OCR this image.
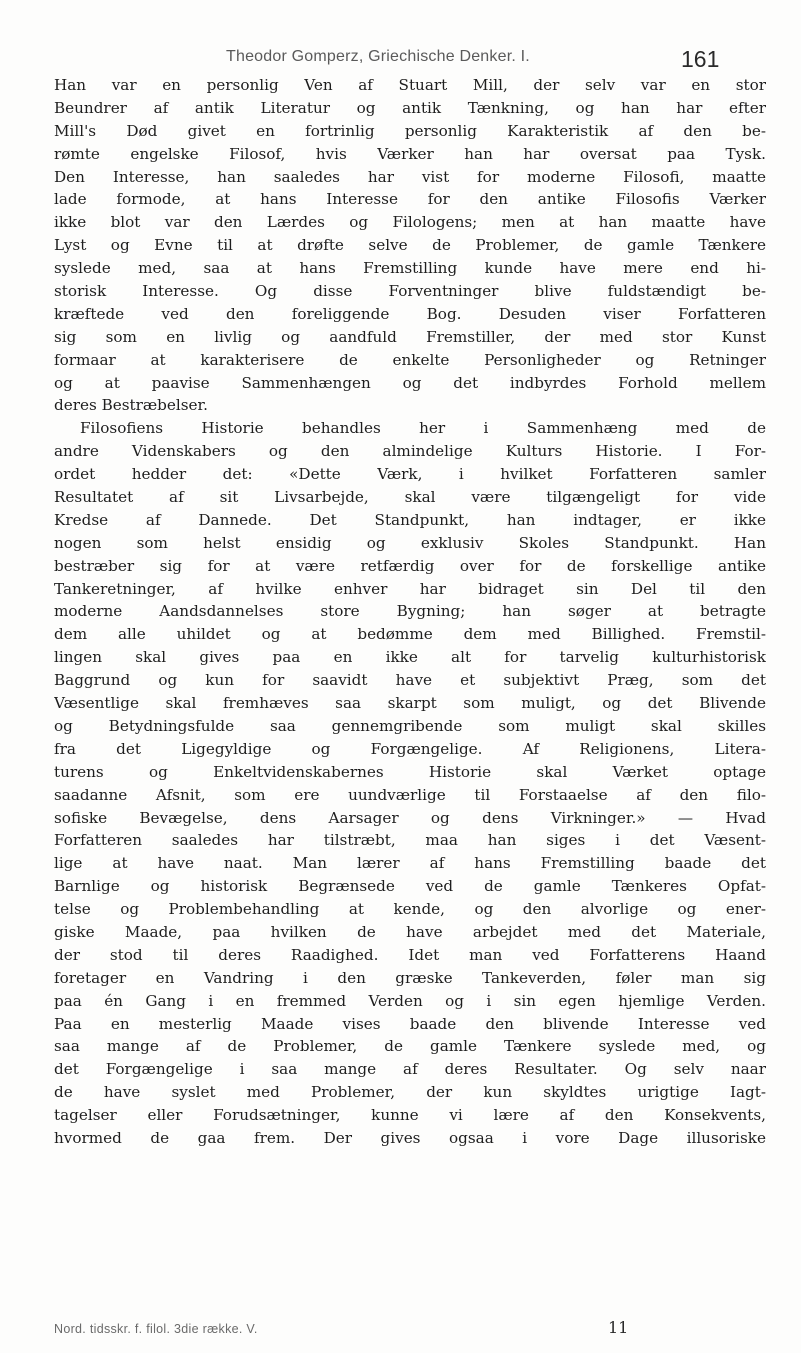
Theodor Gomperz, Griechische Denker. I.	161
Han var en personlig Ven af Stuart Mill, der selv var en stor
Beundrer af antik Literatur og antik Tænkning, og han har efter
Mill's Død givet en fortrinlig personlig Karakteristik af den be-
rømte engelske Filosof, hvis Værker han har oversat paa Tysk.
Den Interesse, han saaledes har vist for moderne Filosofi, maatte
lade formode, at hans Interesse for den antike Filosofis Værker
ikke blot var den Lærdes og Filologens; men at han maatte have
Lyst og Evne til at drøfte selve de Problemer, de gamle Tænkere
syslede med, saa at hans Fremstilling kunde have mere end hi-
storisk Interesse. Og disse Forventninger blive fuldstændigt be-
kræftede ved den foreliggende Bog. Desuden viser Forfatteren
sig som en livlig og aandfuld Fremstiller, der med stor Kunst
formaar at karakterisere de enkelte Personligheder og Retninger
og at paavise Sammenhængen og det indbyrdes Forhold mellem
deres Bestræbelser.
Filosofiens Historie behandles her i Sammenhæng med de
andre Videnskabers og den almindelige Kulturs Historie. I For-
ordet hedder det: «Dette Værk, i hvilket Forfatteren samler
Resultatet af sit Livsarbejde, skal være tilgængeligt for vide
Kredse af Dannede. Det Standpunkt, han indtager, er ikke
nogen som helst ensidig og exklusiv Skoles Standpunkt. Han
bestræber sig for at være retfærdig over for de forskellige antike
Tankeretninger, af hvilke enhver har bidraget sin Del til den
moderne Aandsdannelses store Bygning; han søger at betragte
dem alle uhildet og at bedømme dem med Billighed. Fremstil-
lingen skal gives paa en ikke alt for tarvelig kulturhistorisk
Baggrund og kun for saavidt have et subjektivt Præg, som det
Væsentlige skal fremhæves saa skarpt som muligt, og det Blivende
og Betydningsfulde saa gennemgribende som muligt skal skilles
fra det Ligegyldige og Forgængelige. Af Religionens, Litera-
turens og Enkeltvidenskabernes Historie skal Værket optage
saadanne Afsnit, som ere uundværlige til Forstaaelse af den filo-
sofiske Bevægelse, dens Aarsager og dens Virkninger.» — Hvad
Forfatteren saaledes har tilstræbt, maa han siges i det Væsent-
lige at have naat. Man lærer af hans Fremstilling baade det
Barnlige og historisk Begrænsede ved de gamle Tænkeres Opfat-
telse og Problembehandling at kende, og den alvorlige og ener-
giske Maade, paa hvilken de have arbejdet med det Materiale,
der stod til deres Raadighed. Idet man ved Forfatterens Haand
foretager en Vandring i den græske Tankeverden, føler man sig
paa én Gang i en fremmed Verden og i sin egen hjemlige Verden.
Paa en mesterlig Maade vises baade den blivende Interesse ved
saa mange af de Problemer, de gamle Tænkere syslede med, og
det Forgængelige i saa mange af deres Resultater. Og selv naar
de have syslet med Problemer, der kun skyldtes urigtige Iagt-
tagelser eller Forudsætninger, kunne vi lære af den Konsekvents,
hvormed de gaa frem. Der gives ogsaa i vore Dage illusoriske
Nord. tidsskr. f. filol. 3die række. V.	11
